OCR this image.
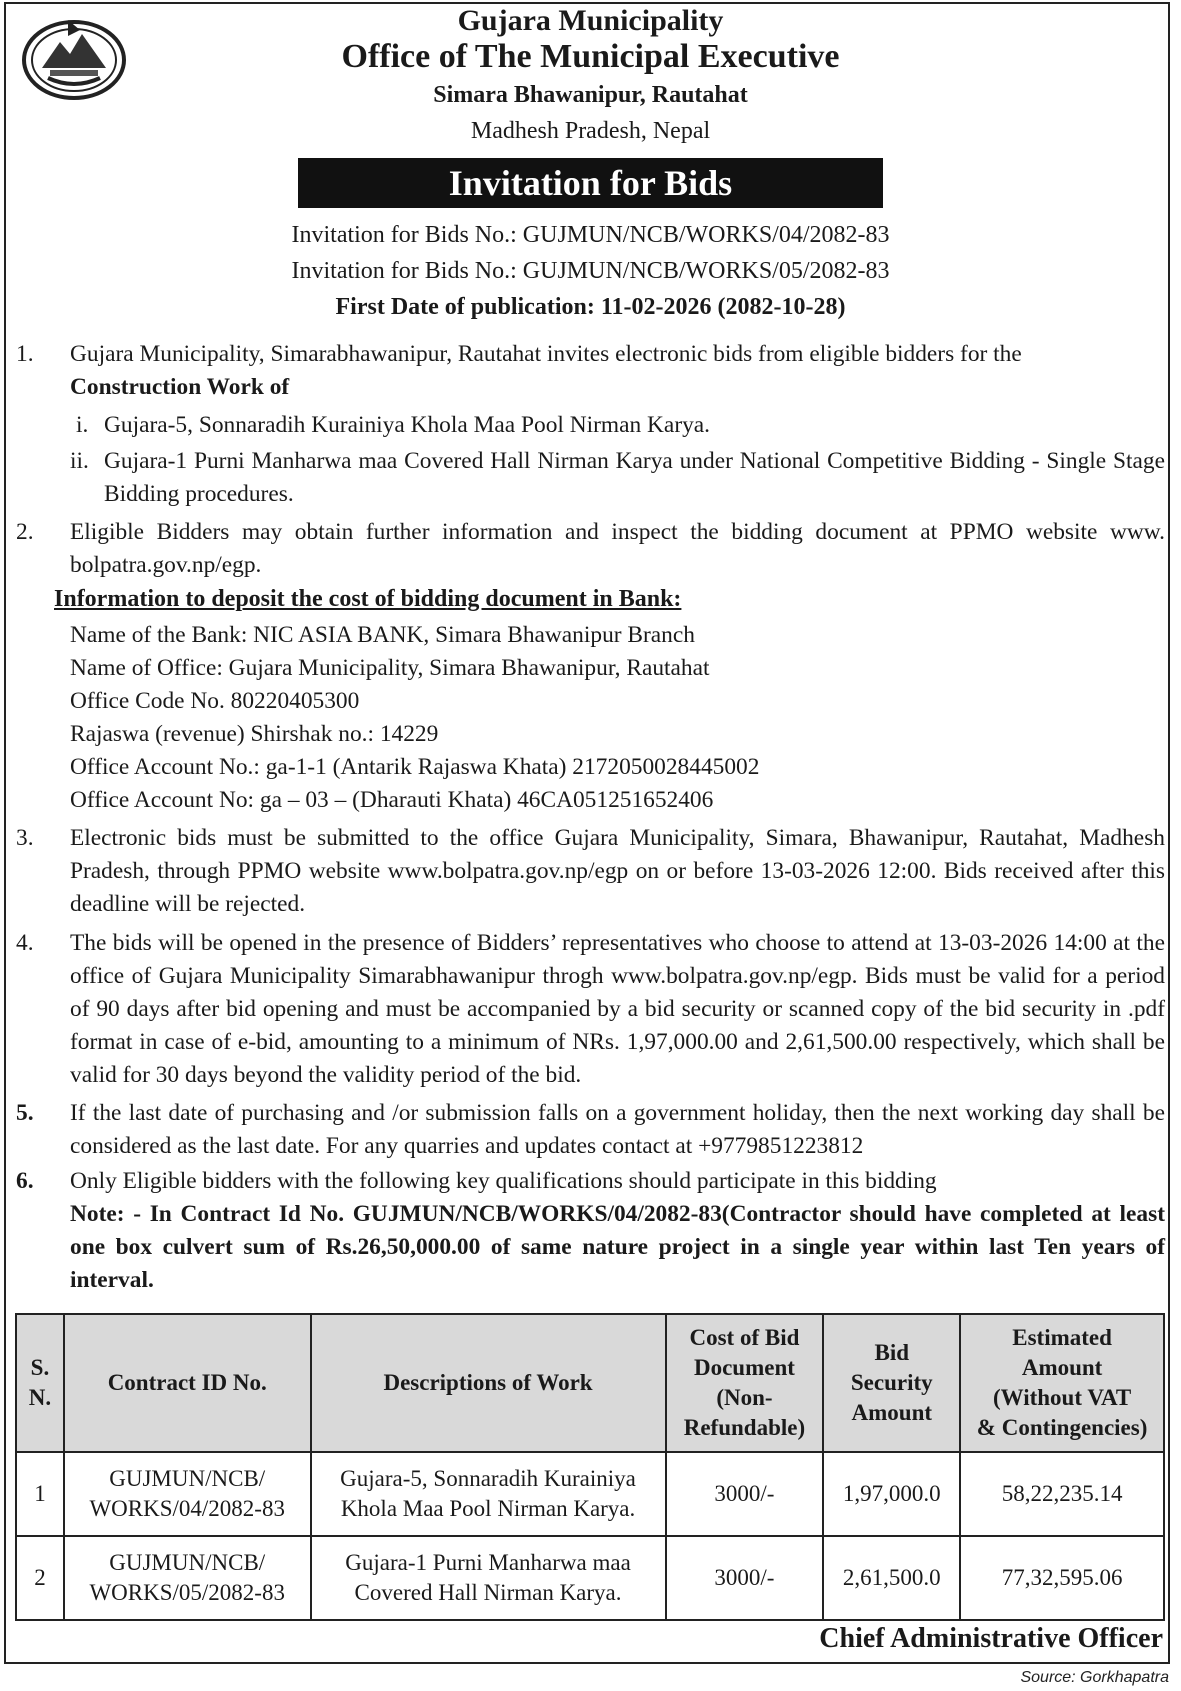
Gujara Municipality
Office of The Municipal Executive
Simara Bhawanipur, Rautahat
Madhesh Pradesh, Nepal
Invitation for Bids
Invitation for Bids No.: GUJMUN/NCB/WORKS/04/2082-83
Invitation for Bids No.: GUJMUN/NCB/WORKS/05/2082-83
First Date of publication: 11-02-2026 (2082-10-28)
1. Gujara Municipality, Simarabhawanipur, Rautahat invites electronic bids from eligible bidders for the
Construction Work of
i. Gujara-5, Sonnaradih Kurainiya Khola Maa Pool Nirman Karya.
ii. Gujara-1 Purni Manharwa maa Covered Hall Nirman Karya under National Competitive Bidding - Single Stage Bidding procedures.
2. Eligible Bidders may obtain further information and inspect the bidding document at PPMO website www. bolpatra.gov.np/egp.
Information to deposit the cost of bidding document in Bank:
Name of the Bank: NIC ASIA BANK, Simara Bhawanipur Branch
Name of Office: Gujara Municipality, Simara Bhawanipur, Rautahat
Office Code No. 80220405300
Rajaswa (revenue) Shirshak no.: 14229
Office Account No.: ga-1-1 (Antarik Rajaswa Khata) 2172050028445002
Office Account No: ga – 03 – (Dharauti Khata) 46CA051251652406
3. Electronic bids must be submitted to the office Gujara Municipality, Simara, Bhawanipur, Rautahat, Madhesh Pradesh, through PPMO website www.bolpatra.gov.np/egp on or before 13-03-2026 12:00. Bids received after this deadline will be rejected.
4. The bids will be opened in the presence of Bidders’ representatives who choose to attend at 13-03-2026 14:00 at the office of Gujara Municipality Simarabhawanipur throgh www.bolpatra.gov.np/egp. Bids must be valid for a period of 90 days after bid opening and must be accompanied by a bid security or scanned copy of the bid security in .pdf format in case of e-bid, amounting to a minimum of NRs. 1,97,000.00 and 2,61,500.00 respectively, which shall be valid for 30 days beyond the validity period of the bid.
5. If the last date of purchasing and /or submission falls on a government holiday, then the next working day shall be considered as the last date. For any quarries and updates contact at +9779851223812
6. Only Eligible bidders with the following key qualifications should participate in this bidding
Note: - In Contract Id No. GUJMUN/NCB/WORKS/04/2082-83(Contractor should have completed at least one box culvert sum of Rs.26,50,000.00 of same nature project in a single year within last Ten years of interval.
S.
N.	Contract ID No.	Descriptions of Work	Cost of Bid
Document
(Non-
Refundable)	Bid
Security
Amount	Estimated
Amount
(Without VAT
& Contingencies)
1	GUJMUN/NCB/
WORKS/04/2082-83	Gujara-5, Sonnaradih Kurainiya
Khola Maa Pool Nirman Karya.	3000/-	1,97,000.0	58,22,235.14
2	GUJMUN/NCB/
WORKS/05/2082-83	Gujara-1 Purni Manharwa maa
Covered Hall Nirman Karya.	3000/-	2,61,500.0	77,32,595.06
Chief Administrative Officer
Source: Gorkhapatra
